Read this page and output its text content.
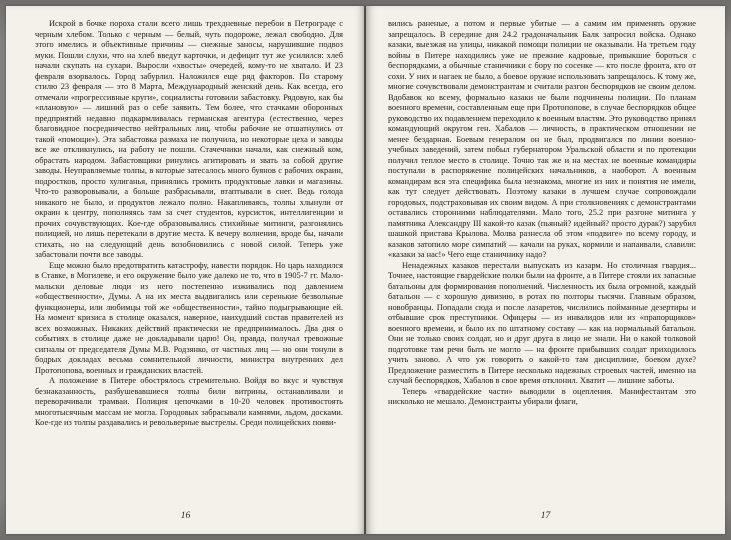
Искрой в бочке пороха стали всего лишь трехдневные перебои в Петрограде с черным хлебом. Только с черным — белый, чуть подороже, лежал свободно. Для этого имелись и объективные причины — снежные заносы, нарушившие подвоз муки. Пошли слухи, что на хлеб введут карточки, и дефицит тут же усилился: хлеб начали скупать на сухари. Выросли «хвосты» очередей, кому-то не хватало. И 23 февраля взорвалось. Город забурлил. Наложился еще ряд факторов. По старому стилю 23 февраля — это 8 Марта, Международный женский день. Как всегда, его отмечали «прогрессивные круги», социалисты готовили забастовку. Рядовую, как бы «плановую» — лишний раз о себе заявить. Тем более, что стачками оборонных предприятий недавно подкармливалась германская агентура (естественно, через благовидное посредничество нейтральных лиц, чтобы рабочие не отшатнулись от такой «помощи»). Эта забастовка размаха не получила, но некоторые цеха и заводы все же откликнулись, на работу не пошли. Стачечники начали, как снежный ком, обрастать народом. Забастовщики ринулись агитировать и звать за собой другие заводы. Неуправляемые толпы, в которые затесалось много буянов с рабочих окраин, подростков, просто хулиганья, принялись громить продуктовые лавки и магазины. Что-то разворовывали, а больше разбрасывали, втаптывали в снег. Ведь голода никакого не было, и продуктов лежало полно. Накапливаясь, толпы хлынули от окраин к центру, пополняясь там за счет студентов, курсисток, интеллигенции и прочих сочувствующих. Кое-где образовывались стихийные митинги, разгонялись полицией, но лишь перетекали в другие места. К вечеру волнения, вроде бы, начали стихать, но на следующий день возобновились с новой силой. Теперь уже забастовали почти все заводы.

Еще можно было предотвратить катастрофу, навести порядок. Но царь находился в Ставке, в Могилеве, и его окружение было уже далеко не то, что в 1905-7 гг. Мало-мальски деловые люди из него постепенно изживались под давлением «общественности», Думы. А на их места выдвигались или серенькие безвольные функционеры, или любимцы той же «общественности», тайно подыгрывающие ей. На момент кризиса в столице оказался, наверное, наихудший состав правителей из всех возможных. Никаких действий практически не предпринималось. Два дня о событиях в столице даже не докладывали царю! Он, правда, получал тревожные сигналы от председателя Думы М.В. Родзянко, от частных лиц — но они тонули в бодрых докладах весьма сомнительной личности, министра внутренних дел Протопопова, военных и гражданских властей.

А положение в Питере обострялось стремительно. Войдя во вкус и чувствуя безнаказанность, разбушевавшиеся толпы били витрины, останавливали и переворачивали трамваи. Полиция цепочками в 10-20 человек противостоять многотысячным массам не могла. Городовых забрасывали камнями, льдом, досками. Кое-где из толпы раздавались и револьверные выстрелы. Среди полицейских появи-

16

вились раненые, а потом и первые убитые — а самим им применять оружие запрещалось. В середине дня 24.2 градоначальник Балк запросил войска. Однако казаки, выезжая на улицы, никакой помощи полиции не оказывали. На третьем году войны в Питере находились уже не прежние кадровые, привыкшие бороться с беспорядками, а обычные станичники с бору по сосенке — кто после фронта, кто от сохи. У них и нагаек не было, а боевое оружие использовать запрещалось. К тому же, многие сочувствовали демонстрантам и считали разгон беспорядков не своим делом. Вдобавок ко всему, формально казаки не были подчинены полиции. По планам военного времени, составленным еще при Протопопове, в случае беспорядков общее руководство их подавлением переходило к военным властям. Это руководство принял командующий округом ген. Хабалов — личность, в практическом отношении не менее бездарная. Боевым генералом он не был, продвигался по линии военно-учебных заведений, затем побыл губернатором Уральской области и по протекции получил теплое место в столице. Точно так же и на местах не военные командиры поступали в распоряжение полицейских начальников, а наоборот. А военным командирам вся эта специфика была незнакома, многие из них и понятия не имели, как тут следует действовать. Поэтому казаки в лучшем случае сопровождали городовых, подстраховывая их своим видом. А при столкновениях с демонстрантами оставались сторонними наблюдателями. Мало того, 25.2 при разгоне митинга у памятника Александру III какой-то казак (пьяный? идейный? просто дурак?) зарубил шашкой пристава Крылова. Молва разнесла об этом «подвиге» по всему городу, и казаков затопило море симпатий — качали на руках, кормили и напаивали, славили: «казаки за нас!» Чего еще станичнику надо?

Ненадежных казаков перестали выпускать из казарм. Но столичная гвардия... Точнее, настоящие гвардейские полки были на фронте, а в Питере стояли их запасные батальоны для формирования пополнений. Численность их была огромной, каждый батальон — с хорошую дивизию, в ротах по полторы тысячи. Главным образом, новобранцы. Попадали сюда и после лазаретов, числились пойманные дезертиры и отбывшие срок преступники. Офицеры — из инвалидов или из «прапорщиков» военного времени, и было их по штатному составу — как на нормальный батальон. Они не только своих солдат, но и друг друга в лицо не знали. Ни о какой толковой подготовке там речи быть не могло — на фронте прибывших солдат приходилось учить заново. А что уж говорить о какой-то там дисциплине, боевом духе? Предложение разместить в Питере несколько надежных строевых частей, именно на случай беспорядков, Хабалов в свое время отклонил. Хватит — лишние заботы.

Теперь «гвардейские части» выводили в оцепления. Манифестантам это нисколько не мешало. Демонстранты убирали флаги,

17
